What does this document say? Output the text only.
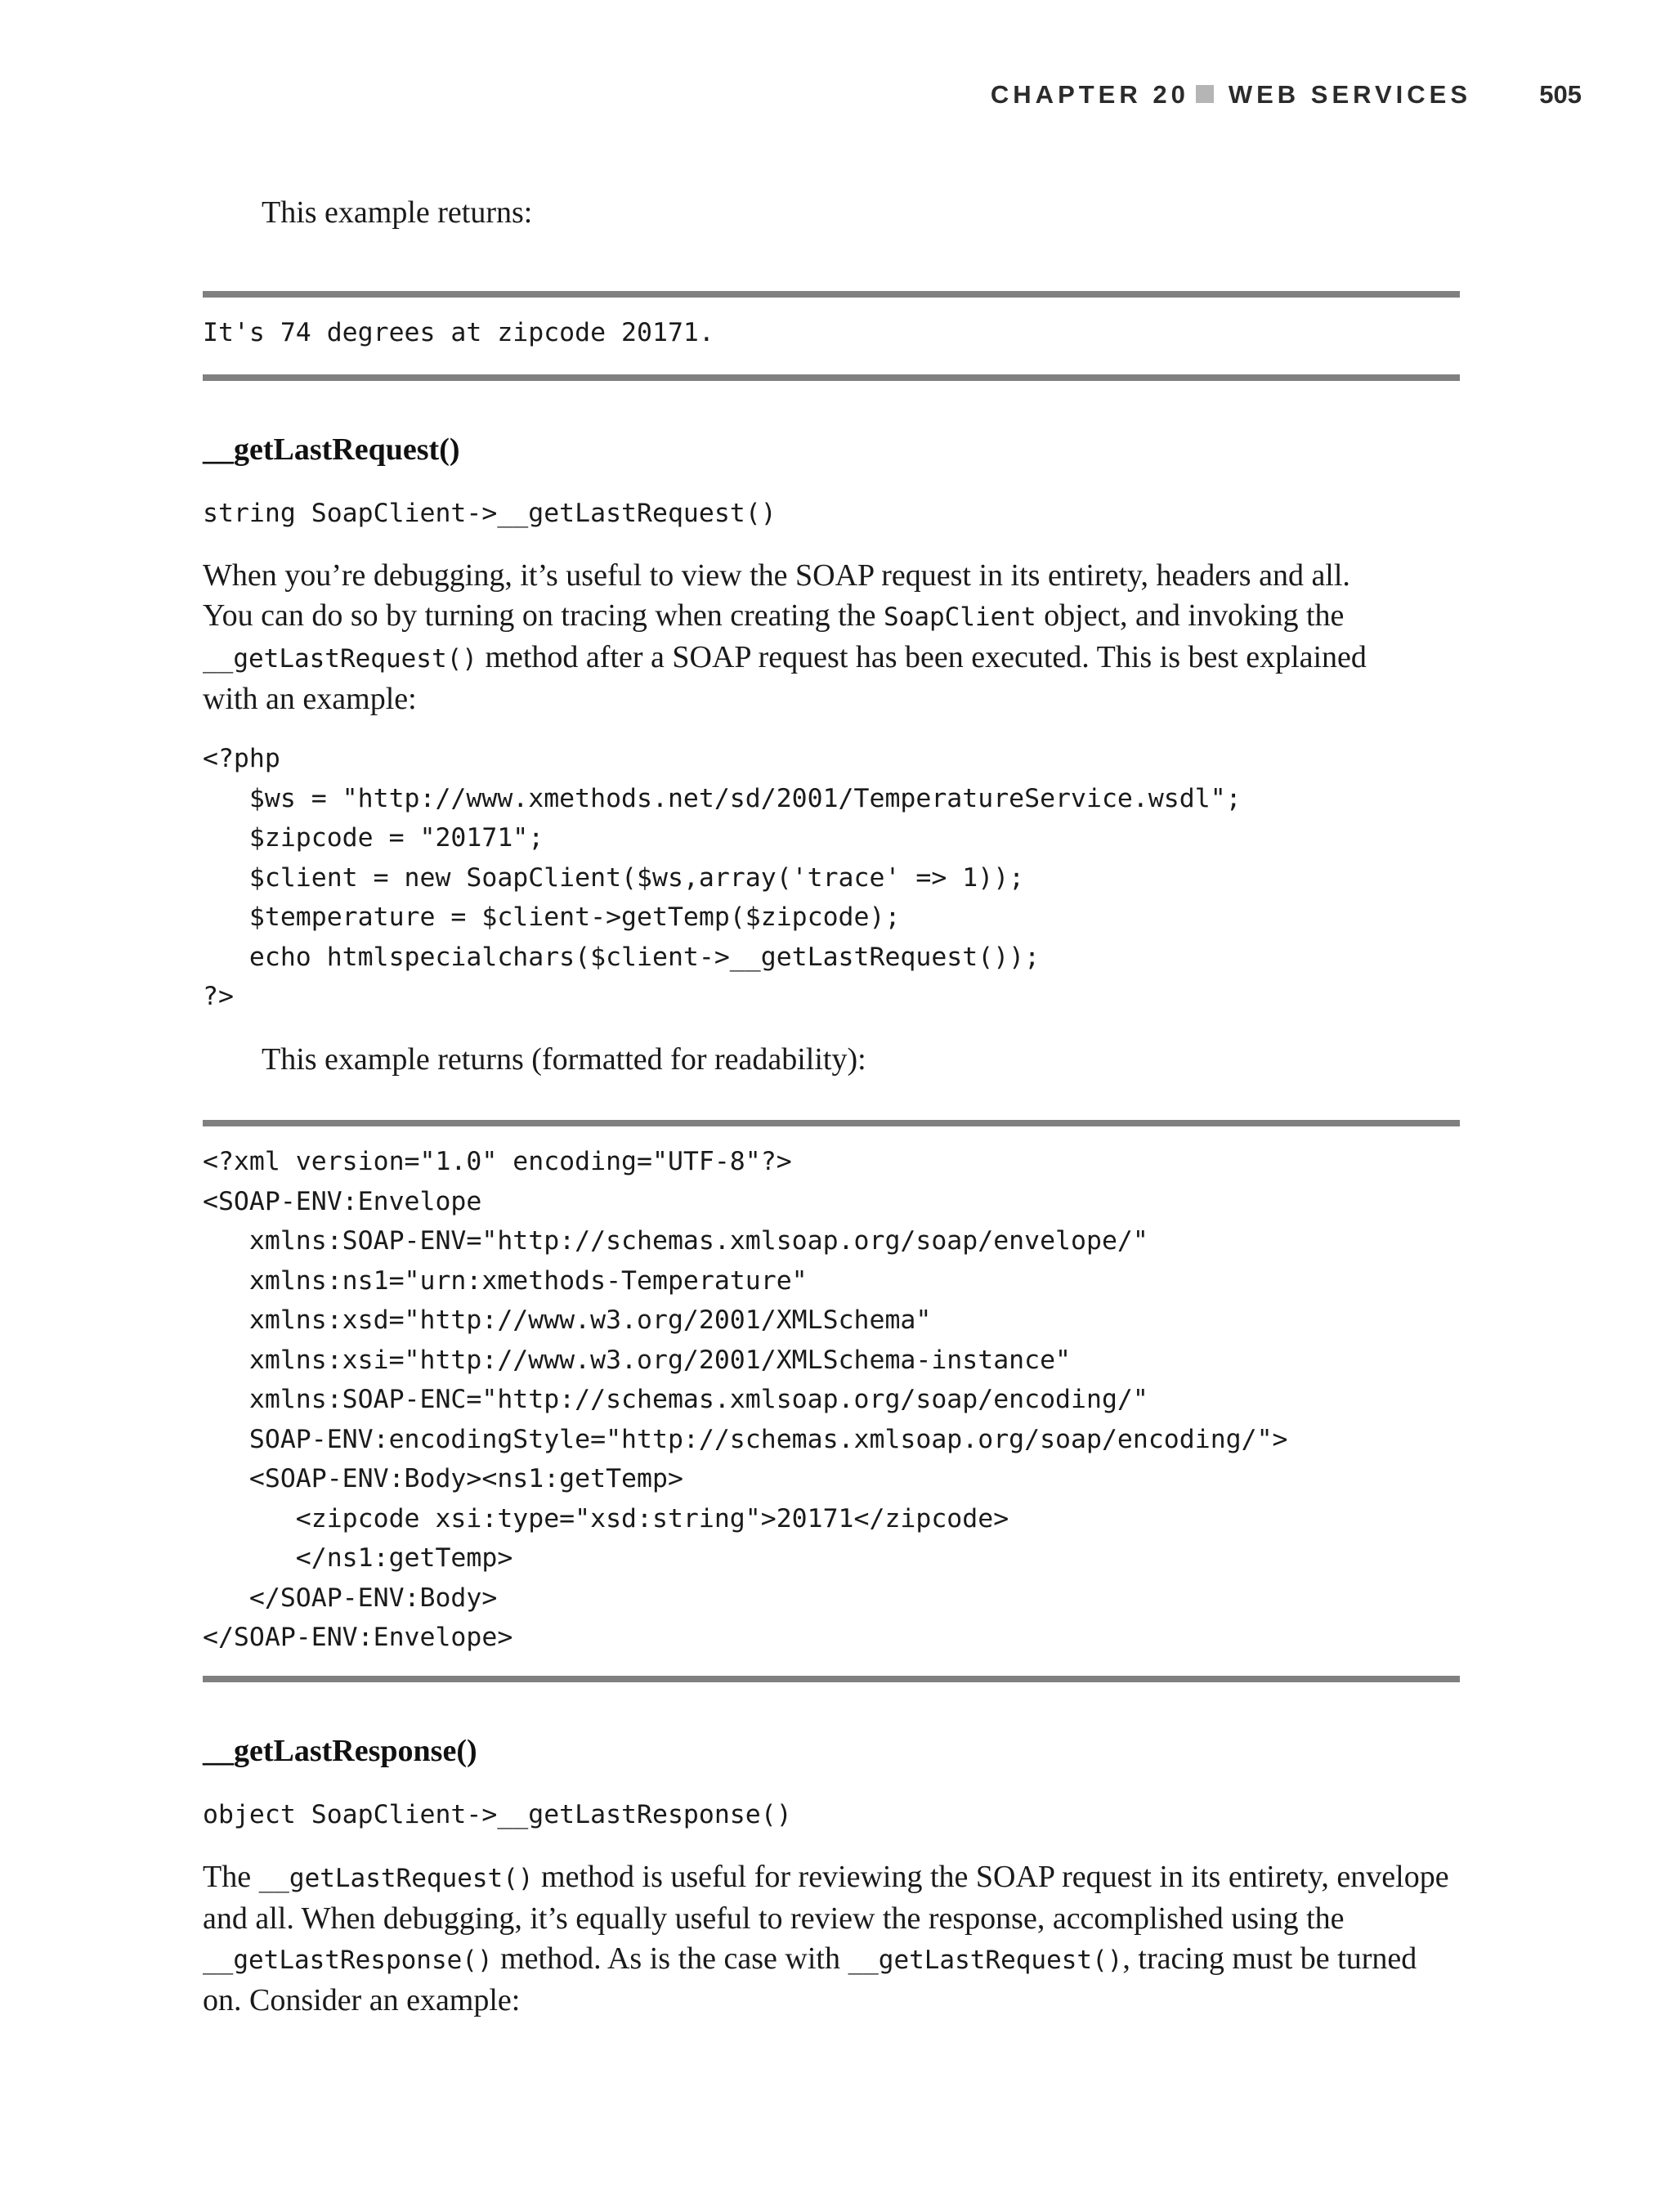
CHAPTER 20 WEB SERVICES	505
This example returns:
It's 74 degrees at zipcode 20171.
__getLastRequest()
string SoapClient->__getLastRequest()
When you’re debugging, it’s useful to view the SOAP request in its entirety, headers and all.
You can do so by turning on tracing when creating the SoapClient object, and invoking the
__getLastRequest() method after a SOAP request has been executed. This is best explained
with an example:
<?php
$ws = "http://www.xmethods.net/sd/2001/TemperatureService.wsdl";
$zipcode = "20171";
$client = new SoapClient($ws,array('trace' => 1));
$temperature = $client->getTemp($zipcode);
echo htmlspecialchars($client->__getLastRequest());
?>
This example returns (formatted for readability):
<?xml version="1.0" encoding="UTF-8"?>
<SOAP-ENV:Envelope
xmlns:SOAP-ENV="http://schemas.xmlsoap.org/soap/envelope/"
xmlns:ns1="urn:xmethods-Temperature"
xmlns:xsd="http://www.w3.org/2001/XMLSchema"
xmlns:xsi="http://www.w3.org/2001/XMLSchema-instance"
xmlns:SOAP-ENC="http://schemas.xmlsoap.org/soap/encoding/"
SOAP-ENV:encodingStyle="http://schemas.xmlsoap.org/soap/encoding/">
<SOAP-ENV:Body><ns1:getTemp>
<zipcode xsi:type="xsd:string">20171</zipcode>
</ns1:getTemp>
</SOAP-ENV:Body>
</SOAP-ENV:Envelope>
__getLastResponse()
object SoapClient->__getLastResponse()
The __getLastRequest() method is useful for reviewing the SOAP request in its entirety, envelope
and all. When debugging, it’s equally useful to review the response, accomplished using the
__getLastResponse() method. As is the case with __getLastRequest(), tracing must be turned
on. Consider an example:
